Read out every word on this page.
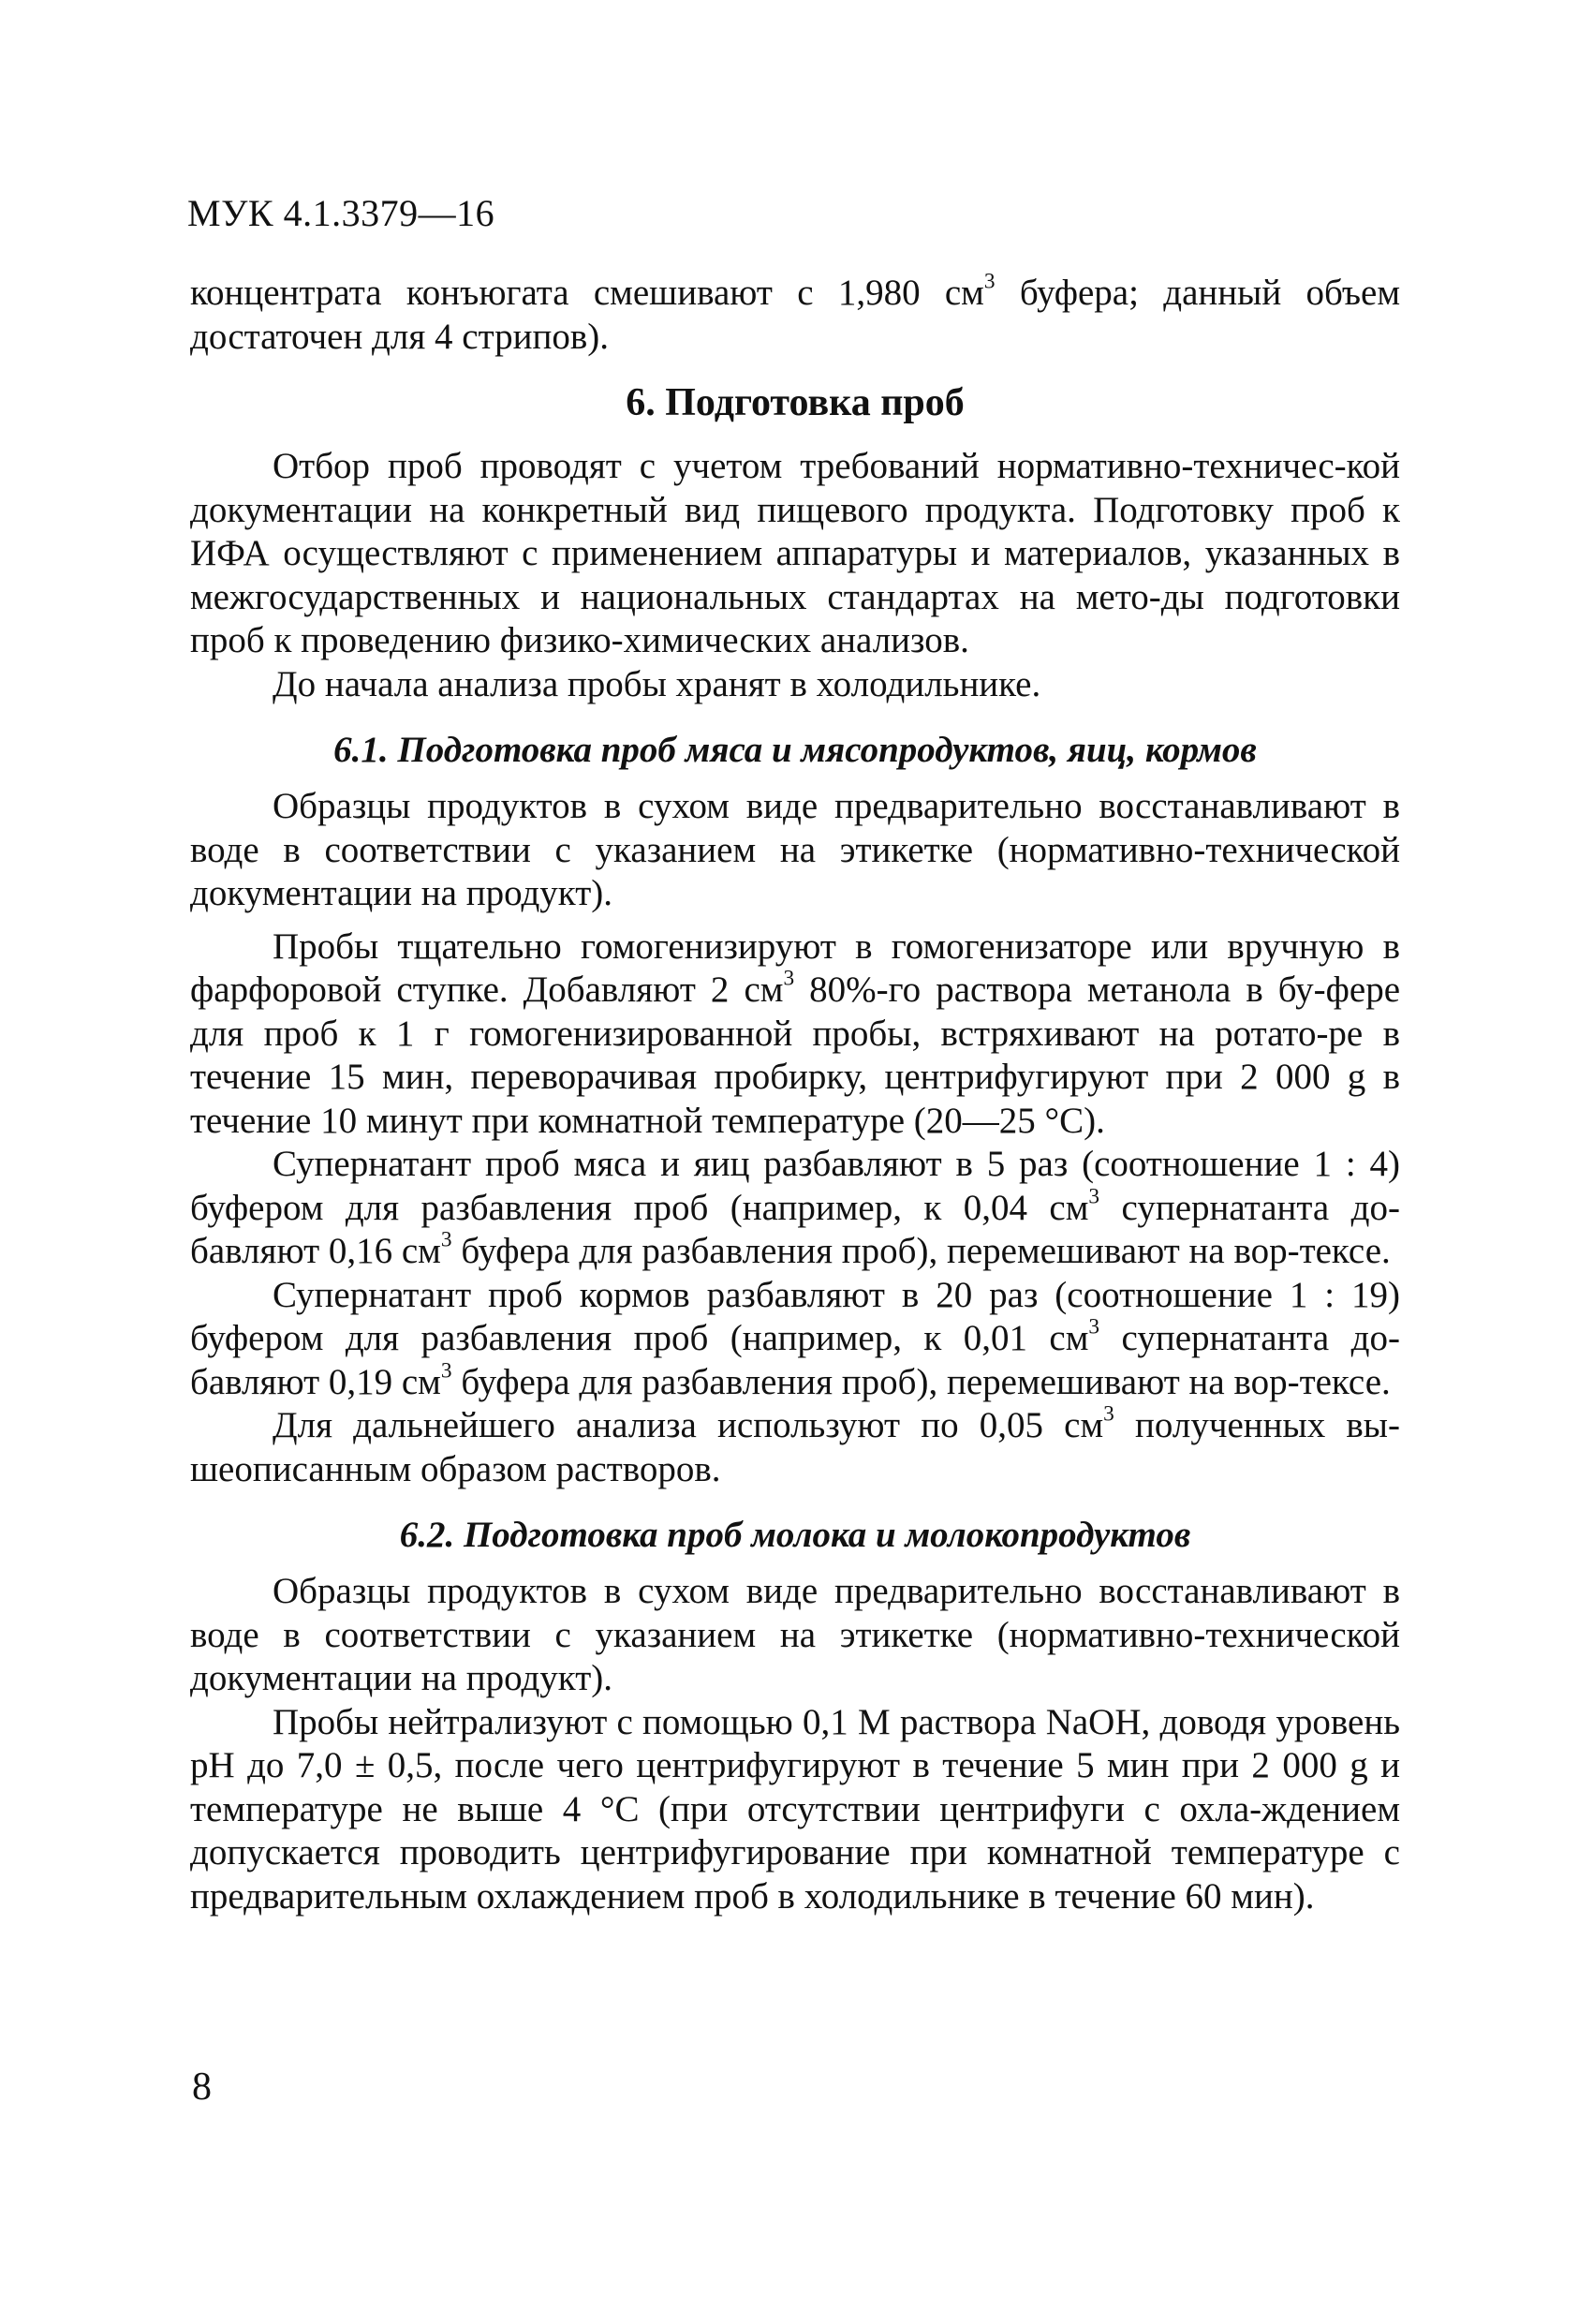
МУК 4.1.3379—16

концентрата конъюгата смешивают с 1,980 $см^3$ буфера; данный объем достаточен для 4 стрипов).

6. Подготовка проб

Отбор проб проводят с учетом требований нормативно-техничес-кой документации на конкретный вид пищевого продукта. Подготовку проб к ИФА осуществляют с применением аппаратуры и материалов, указанных в межгосударственных и национальных стандартах на мето-ды подготовки проб к проведению физико-химических анализов.

До начала анализа пробы хранят в холодильнике.

6.1. Подготовка проб мяса и мясопродуктов, яиц, кормов

Образцы продуктов в сухом виде предварительно восстанавливают в воде в соответствии с указанием на этикетке (нормативно-технической документации на продукт).

Пробы тщательно гомогенизируют в гомогенизаторе или вручную в фарфоровой ступке. Добавляют 2 $см^3$ 80%-го раствора метанола в бу-фере для проб к 1 г гомогенизированной пробы, встряхивают на ротато-ре в течение 15 мин, переворачивая пробирку, центрифугируют при 2 000 g в течение 10 минут при комнатной температуре (20—25 °С).

Супернатант проб мяса и яиц разбавляют в 5 раз (соотношение 1 : 4) буфером для разбавления проб (например, к 0,04 $см^3$ супернатанта до-бавляют 0,16 $см^3$ буфера для разбавления проб), перемешивают на вор-тексе.

Супернатант проб кормов разбавляют в 20 раз (соотношение 1 : 19) буфером для разбавления проб (например, к 0,01 $см^3$ супернатанта до-бавляют 0,19 $см^3$ буфера для разбавления проб), перемешивают на вор-тексе.

Для дальнейшего анализа используют по 0,05 $см^3$ полученных вы-шеописанным образом растворов.

6.2. Подготовка проб молока и молокопродуктов

Образцы продуктов в сухом виде предварительно восстанавливают в воде в соответствии с указанием на этикетке (нормативно-технической документации на продукт).

Пробы нейтрализуют с помощью 0,1 М раствора NaOH, доводя уровень pH до 7,0 ± 0,5, после чего центрифугируют в течение 5 мин при 2 000 g и температуре не выше 4 °С (при отсутствии центрифуги с охла-ждением допускается проводить центрифугирование при комнатной температуре с предварительным охлаждением проб в холодильнике в течение 60 мин).

8
